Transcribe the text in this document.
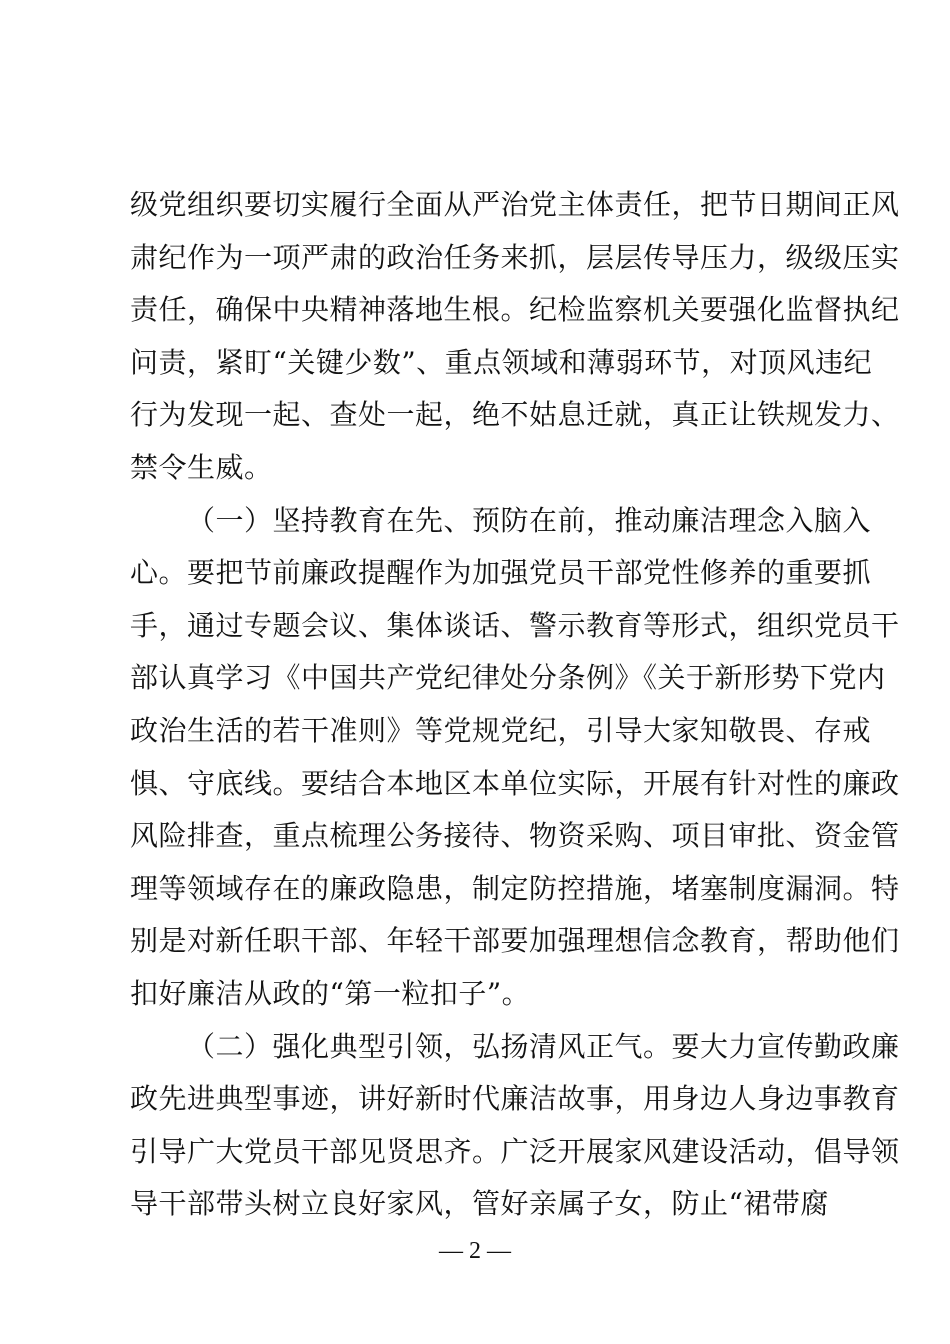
级党组织要切实履行全面从严治党主体责任，把节日期间正风
肃纪作为一项严肃的政治任务来抓，层层传导压力，级级压实
责任，确保中央精神落地生根。纪检监察机关要强化监督执纪
问责，紧盯“关键少数”、重点领域和薄弱环节，对顶风违纪
行为发现一起、查处一起，绝不姑息迁就，真正让铁规发力、
禁令生威。
（一）坚持教育在先、预防在前，推动廉洁理念入脑入
心。要把节前廉政提醒作为加强党员干部党性修养的重要抓
手，通过专题会议、集体谈话、警示教育等形式，组织党员干
部认真学习《中国共产党纪律处分条例》《关于新形势下党内
政治生活的若干准则》等党规党纪，引导大家知敬畏、存戒
惧、守底线。要结合本地区本单位实际，开展有针对性的廉政
风险排查，重点梳理公务接待、物资采购、项目审批、资金管
理等领域存在的廉政隐患，制定防控措施，堵塞制度漏洞。特
别是对新任职干部、年轻干部要加强理想信念教育，帮助他们
扣好廉洁从政的“第一粒扣子”。
（二）强化典型引领，弘扬清风正气。要大力宣传勤政廉
政先进典型事迹，讲好新时代廉洁故事，用身边人身边事教育
引导广大党员干部见贤思齐。广泛开展家风建设活动，倡导领
导干部带头树立良好家风，管好亲属子女，防止“裙带腐
— 2 —
